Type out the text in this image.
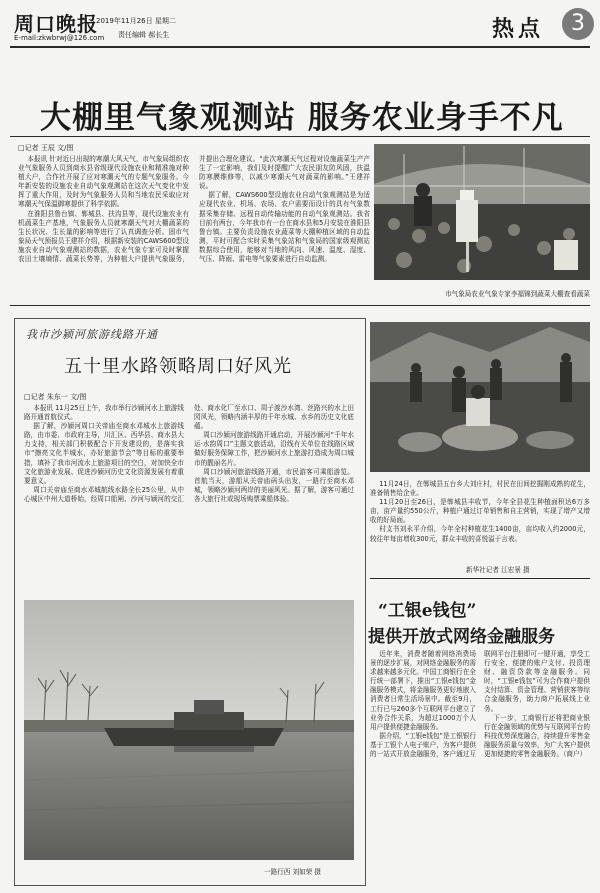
周口晚报
E-mail:zkwbrwj@126.com
2019年11月26日 星期二
责任编辑 郝长生	热点	3
大棚里气象观测站 服务农业身手不凡
□记者 王辰 文/图

本报讯 针对近日出现的寒潮大风天气，市气象局组织农业气象服务人员到商水县省级现代设施农业和精准施对种植大户，合作社开展了应对寒潮天气的专题气象服务。今年新安装的设施农业自动气象观测站在这次天气变化中发挥了重大作用，及时为气象服务人员和当地农民采取应对寒潮天气保温御寒提供了科学依据。

在淮阳县鲁台镇、郸城县、扶沟县等，现代设施农业有机蔬菜生产基地，气象服务人员就寒潮天气对大棚蔬菜的生长状况、生长量的影响等进行了认真调查分析。固市气象局天气预报员王建祥介绍，根据新安装的CAWS600型设施农业自动气象观测站的数据，农业气象专家可及时掌握农田土壤墒情、蔬菜长势等，为种植大户提供气象服务，并提出合理化建议。“此次寒潮天气过程对设施蔬菜生产产生了一定影响，我们及时提醒广大农民朋友防风固，扶温防寒膜维修等，以减少寒潮天气对蔬菜的影响。”王建祥说。

据了解，CAWS600型设施农业自动气象观测站是为适应现代农业、机场、农场、农户需要而设计的具有气象数据采集存储、远程自动传输功能的自动气象观测站。我省目前有两台，今年我市有一台在商水县和5月安装在淮阳县鲁台镇。主要负责设施农业蔬菜等大棚种植区域的自动监测，平时可配合实时采集气象站和气象局的国家级观测站数据综合使用，能够对当地的风向、风速、温度、湿度、气压、降雨、雷电等气象要素进行自动监测。

市气象局农业气象专家李福锦到蔬菜大棚查看蔬菜
我市沙颍河旅游线路开通
五十里水路领略周口好风光
□记者 朱东一 文/图

本报讯 11月25日上午，我市举行沙颍河水上旅游线路开通首航仪式。

据了解，沙颍河周口关帝庙至商水邓城水上旅游线路，由市委、市政府主导，川汇区、西华县、商水县大力支持，相关部门积极配合下开发建设的，是落实我市“擦亮文化半城水，办好旅游节会”等目标的重要举措，填补了我市河流水上旅游项目的空白，对加快全市文化旅游业发展、促进沙颍河历史文化资源发展有着重要意义。

周口关帝庙至商水邓城航线水路全长25公里，从中心城区中州大道桥始，经周口船闸、沙河与颍河的交汇处、商水化厂至水口、周子渡沙水湾、丝路兴的水上田园风光，领略内涵丰厚的千年水城、水乡的历史文化底蕴。

周口沙颍河旅游线路开通启动，开展沙颍河“千年水运·水韵周口”主题文旅活动，沿线有关单位在线路区域做好服务保障工作，把沙颍河水上旅游打造成为周口城市的靓丽名片。

周口沙颍河旅游线路开通，市民游客可乘船游览。首航当天，游船从关帝庙码头出发，一路行至商水邓城，领略沙颍河两岸的美丽风光。据了解，游客可通过各大旅行社或现场购票乘船体验。

一路行西 刘如荣 摄

11月24日，在郸城县五台乡大刘庄村，村民在田间挖掘刚成熟的花生，准备销售给企业。

11月20日至26日，是郸城县丰收节，今年全县花生种植面积达6万多亩，亩产量约550公斤，种植户通过订单销售和自主营销，实现了增产又增收的好局面。

村支书刘永平介绍，今年全村种植花生1400亩，亩均收入约2000元，较往年每亩增收300元，群众丰收的喜悦溢于言表。

新华社记者 江宏景 摄
“工银e钱包”
提供开放式网络金融服务

近年来，消费者随着网络消费场景的逐步扩展，对网络金融服务的需求越来越多元化。中国工商银行在全行统一部署下，推出“工银e钱包”金融服务模式，将金融服务更好地嵌入消费者日常生活场景中。截至9月，工行已与260多个互联网平台建立了业务合作关系，为超过1000万个人用户提供便捷金融服务。

据介绍，“工银e钱包”是工银银行基于工银个人电子账户，为客户提供的一站式开放金融服务，客户通过互联网平台注册即可一键开通，享受工行安全、便捷的账户支付、投资理财、融资贷款等金融服务。同时，“工银e钱包”可为合作商户提供支付结算、资金管理、营销获客等综合金融服务，助力商户拓展线上业务。

下一步，工商银行还将把商业银行在金融领域的优势与互联网平台的科技优势深度融合，持续提升零售金融服务质量与效率，为广大客户提供更加便捷的零售金融服务。（商户）
